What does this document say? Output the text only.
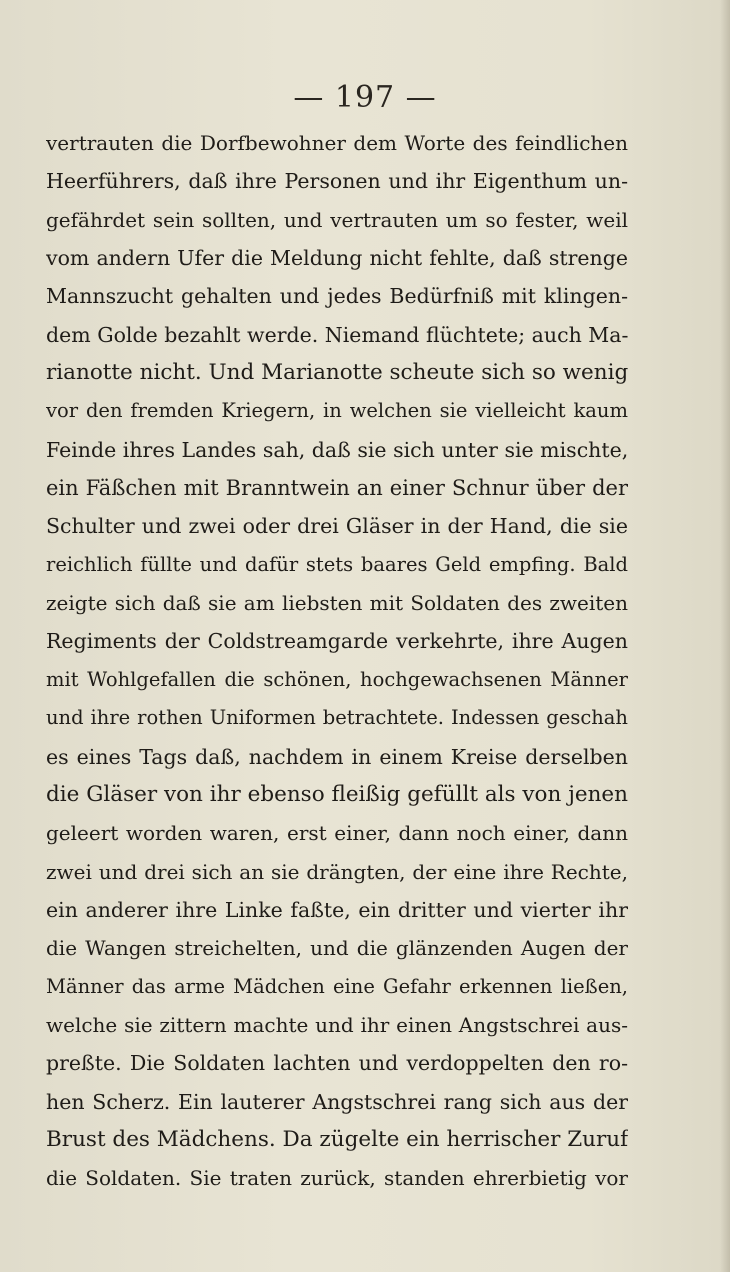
— 197 —
vertrauten die Dorfbewohner dem Worte des feindlichen
Heerführers, daß ihre Personen und ihr Eigenthum un-
gefährdet sein sollten, und vertrauten um so fester, weil
vom andern Ufer die Meldung nicht fehlte, daß strenge
Mannszucht gehalten und jedes Bedürfniß mit klingen-
dem Golde bezahlt werde. Niemand flüchtete; auch Ma-
rianotte nicht. Und Marianotte scheute sich so wenig
vor den fremden Kriegern, in welchen sie vielleicht kaum
Feinde ihres Landes sah, daß sie sich unter sie mischte,
ein Fäßchen mit Branntwein an einer Schnur über der
Schulter und zwei oder drei Gläser in der Hand, die sie
reichlich füllte und dafür stets baares Geld empfing. Bald
zeigte sich daß sie am liebsten mit Soldaten des zweiten
Regiments der Coldstreamgarde verkehrte, ihre Augen
mit Wohlgefallen die schönen, hochgewachsenen Männer
und ihre rothen Uniformen betrachtete. Indessen geschah
es eines Tags daß, nachdem in einem Kreise derselben
die Gläser von ihr ebenso fleißig gefüllt als von jenen
geleert worden waren, erst einer, dann noch einer, dann
zwei und drei sich an sie drängten, der eine ihre Rechte,
ein anderer ihre Linke faßte, ein dritter und vierter ihr
die Wangen streichelten, und die glänzenden Augen der
Männer das arme Mädchen eine Gefahr erkennen ließen,
welche sie zittern machte und ihr einen Angstschrei aus-
preßte. Die Soldaten lachten und verdoppelten den ro-
hen Scherz. Ein lauterer Angstschrei rang sich aus der
Brust des Mädchens. Da zügelte ein herrischer Zuruf
die Soldaten. Sie traten zurück, standen ehrerbietig vor
